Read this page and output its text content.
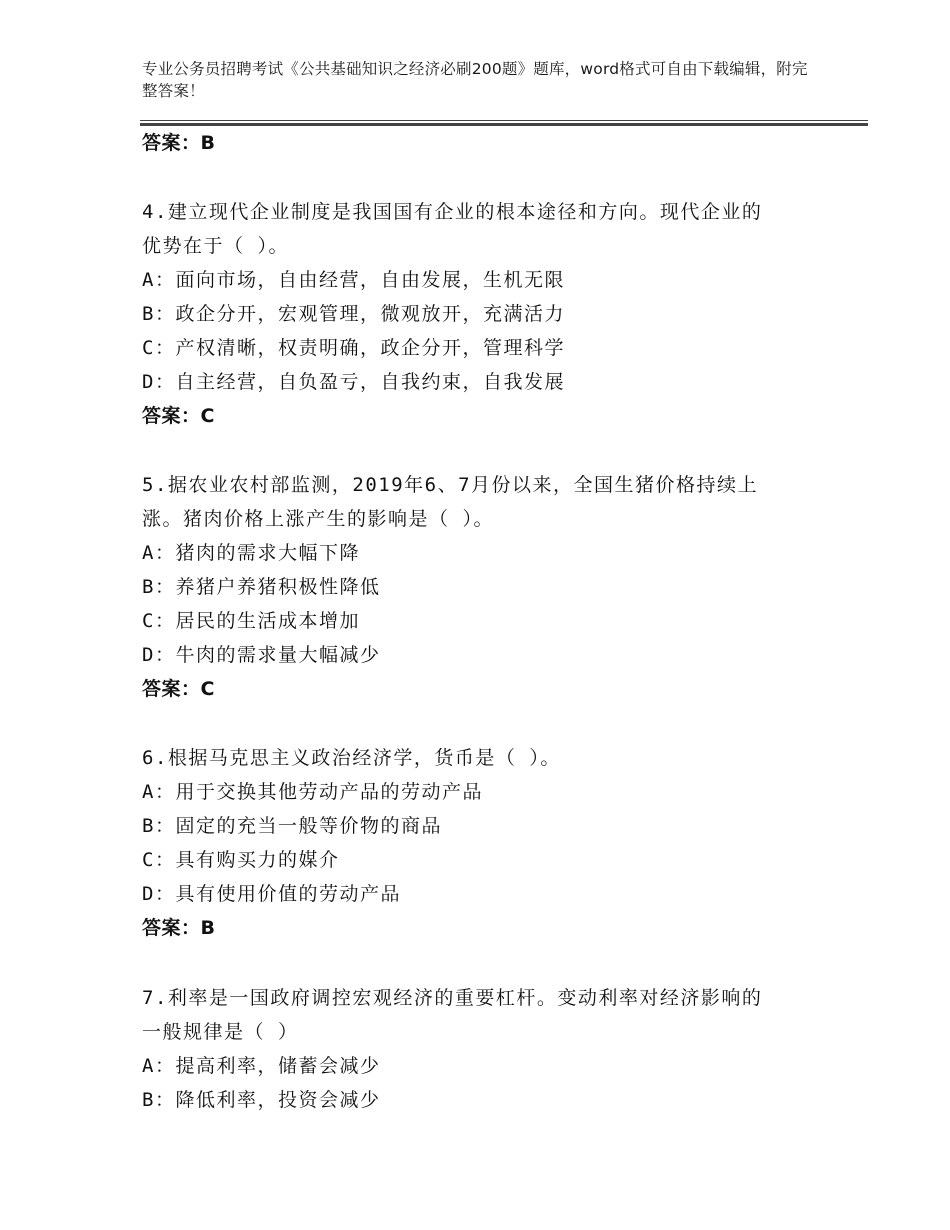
专业公务员招聘考试《公共基础知识之经济必刷200题》题库，word格式可自由下载编辑，附完整答案！
答案：B
4.建立现代企业制度是我国国有企业的根本途径和方向。现代企业的
优势在于（ ）。
A：面向市场，自由经营，自由发展，生机无限
B：政企分开，宏观管理，微观放开，充满活力
C：产权清晰，权责明确，政企分开，管理科学
D：自主经营，自负盈亏，自我约束，自我发展
答案：C
5.据农业农村部监测，2019年6、7月份以来，全国生猪价格持续上
涨。猪肉价格上涨产生的影响是（ ）。
A：猪肉的需求大幅下降
B：养猪户养猪积极性降低
C：居民的生活成本增加
D：牛肉的需求量大幅减少
答案：C
6.根据马克思主义政治经济学，货币是（ ）。
A：用于交换其他劳动产品的劳动产品
B：固定的充当一般等价物的商品
C：具有购买力的媒介
D：具有使用价值的劳动产品
答案：B
7.利率是一国政府调控宏观经济的重要杠杆。变动利率对经济影响的
一般规律是（ ）
A：提高利率，储蓄会减少
B：降低利率，投资会减少
